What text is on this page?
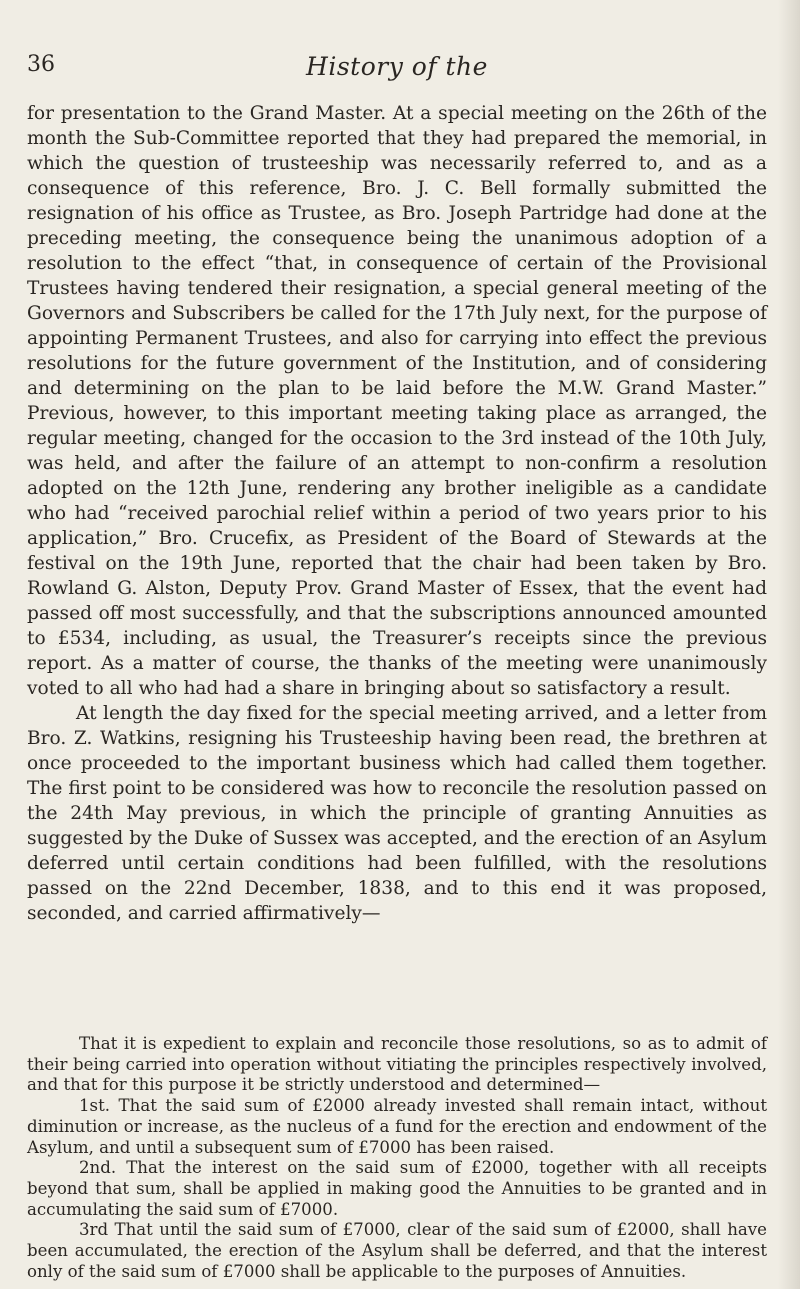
36	History of the

for presentation to the Grand Master. At a special meeting on the 26th of the month the Sub-Committee reported that they had prepared the memorial, in which the question of trusteeship was necessarily referred to, and as a consequence of this reference, Bro. J. C. Bell formally submitted the resignation of his office as Trustee, as Bro. Joseph Partridge had done at the preceding meeting, the consequence being the unanimous adoption of a resolution to the effect “that, in consequence of certain of the Provisional Trustees having tendered their resignation, a special general meeting of the Governors and Subscribers be called for the 17th July next, for the purpose of appointing Permanent Trustees, and also for carrying into effect the previous resolutions for the future government of the Institution, and of considering and determining on the plan to be laid before the M.W. Grand Master.” Previous, however, to this important meeting taking place as arranged, the regular meeting, changed for the occasion to the 3rd instead of the 10th July, was held, and after the failure of an attempt to non-confirm a resolution adopted on the 12th June, rendering any brother ineligible as a candidate who had “received parochial relief within a period of two years prior to his application,” Bro. Crucefix, as President of the Board of Stewards at the festival on the 19th June, reported that the chair had been taken by Bro. Rowland G. Alston, Deputy Prov. Grand Master of Essex, that the event had passed off most successfully, and that the subscriptions announced amounted to £534, including, as usual, the Treasurer’s receipts since the previous report. As a matter of course, the thanks of the meeting were unanimously voted to all who had had a share in bringing about so satisfactory a result.

At length the day fixed for the special meeting arrived, and a letter from Bro. Z. Watkins, resigning his Trusteeship having been read, the brethren at once proceeded to the important business which had called them together. The first point to be considered was how to reconcile the resolution passed on the 24th May previous, in which the principle of granting Annuities as suggested by the Duke of Sussex was accepted, and the erection of an Asylum deferred until certain conditions had been fulfilled, with the resolutions passed on the 22nd December, 1838, and to this end it was proposed, seconded, and carried affirmatively—

That it is expedient to explain and reconcile those resolutions, so as to admit of their being carried into operation without vitiating the principles respectively involved, and that for this purpose it be strictly understood and determined—

1st. That the said sum of £2000 already invested shall remain intact, without diminution or increase, as the nucleus of a fund for the erection and endowment of the Asylum, and until a subsequent sum of £7000 has been raised.

2nd. That the interest on the said sum of £2000, together with all receipts beyond that sum, shall be applied in making good the Annuities to be granted and in accumulating the said sum of £7000.

3rd That until the said sum of £7000, clear of the said sum of £2000, shall have been accumulated, the erection of the Asylum shall be deferred, and that the interest only of the said sum of £7000 shall be applicable to the purposes of Annuities.
